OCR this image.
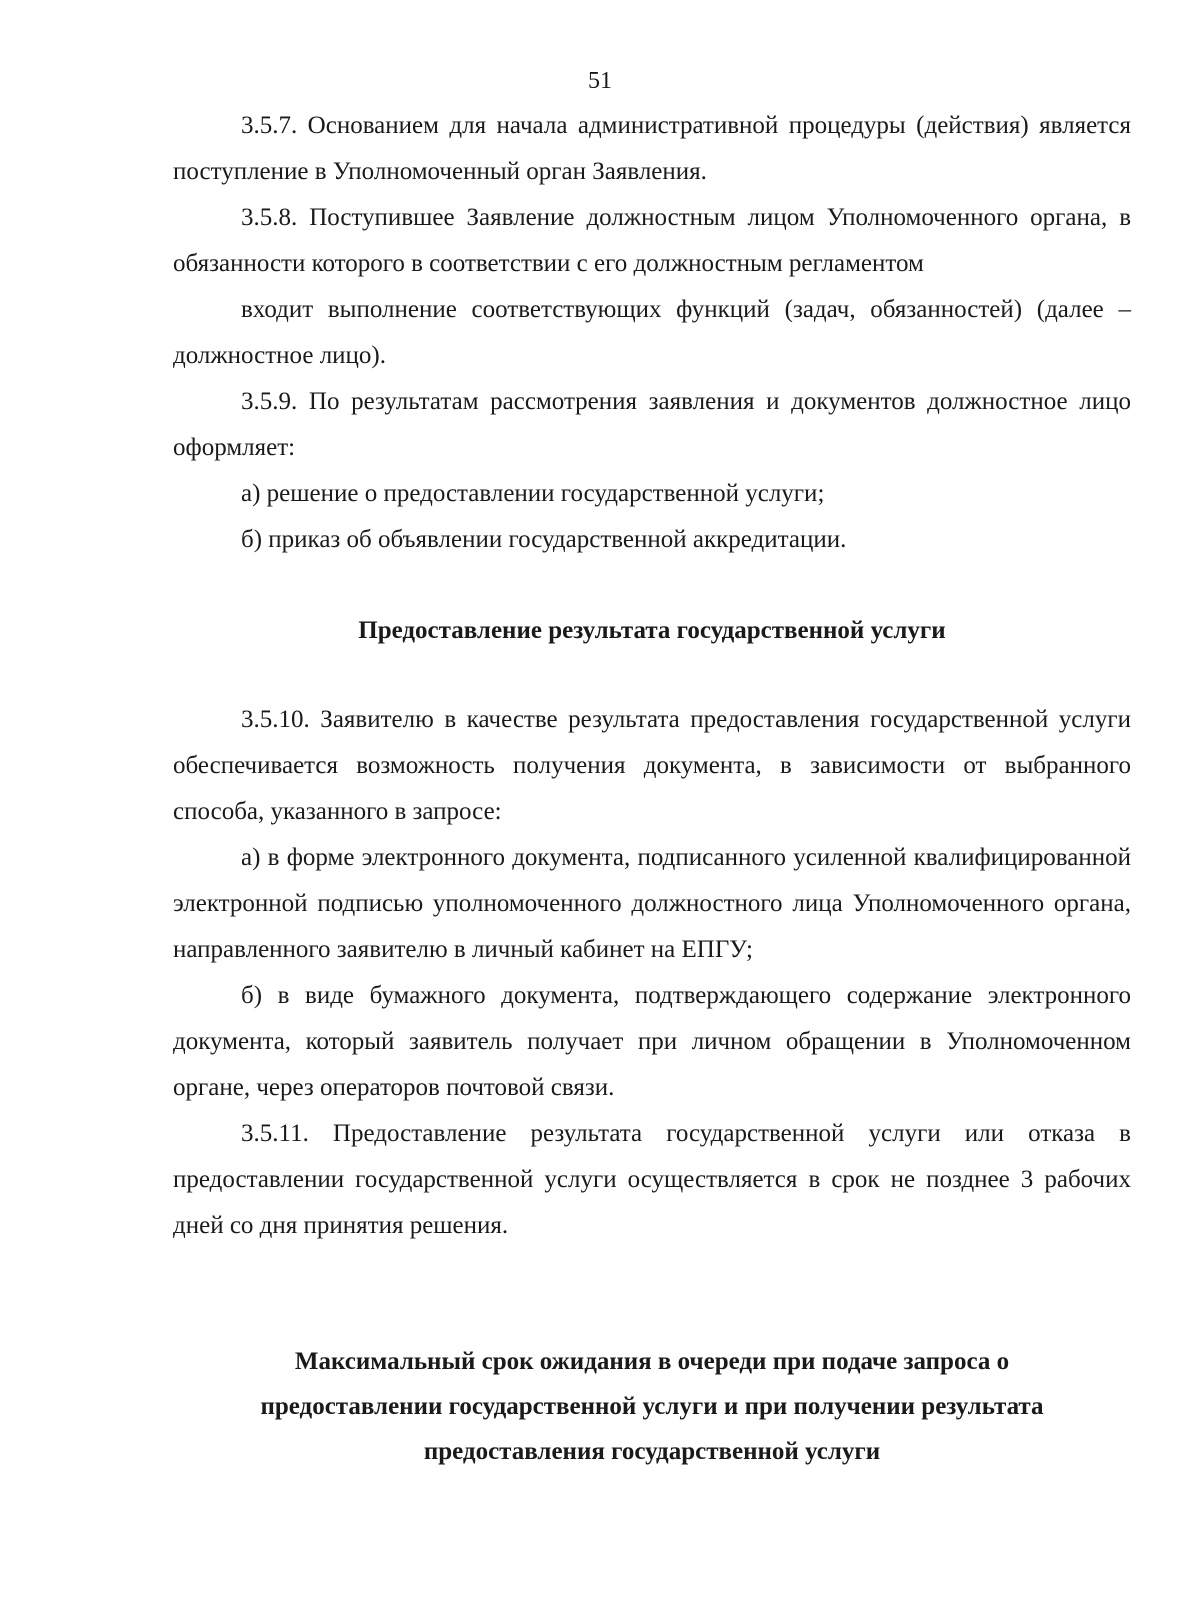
51

3.5.7. Основанием для начала административной процедуры (действия) является поступление в Уполномоченный орган Заявления.

3.5.8. Поступившее Заявление должностным лицом Уполномоченного органа, в обязанности которого в соответствии с его должностным регламентом

входит выполнение соответствующих функций (задач, обязанностей) (далее – должностное лицо).

3.5.9. По результатам рассмотрения заявления и документов должностное лицо оформляет:

а) решение о предоставлении государственной услуги;

б) приказ об объявлении государственной аккредитации.

Предоставление результата государственной услуги

3.5.10. Заявителю в качестве результата предоставления государственной услуги обеспечивается возможность получения документа, в зависимости от выбранного способа, указанного в запросе:

а) в форме электронного документа, подписанного усиленной квалифицированной электронной подписью уполномоченного должностного лица Уполномоченного органа, направленного заявителю в личный кабинет на ЕПГУ;

б) в виде бумажного документа, подтверждающего содержание электронного документа, который заявитель получает при личном обращении в Уполномоченном органе, через операторов почтовой связи.

3.5.11. Предоставление результата государственной услуги или отказа в предоставлении государственной услуги осуществляется в срок не позднее 3 рабочих дней со дня принятия решения.

Максимальный срок ожидания в очереди при подаче запроса о
предоставлении государственной услуги и при получении результата
предоставления государственной услуги
